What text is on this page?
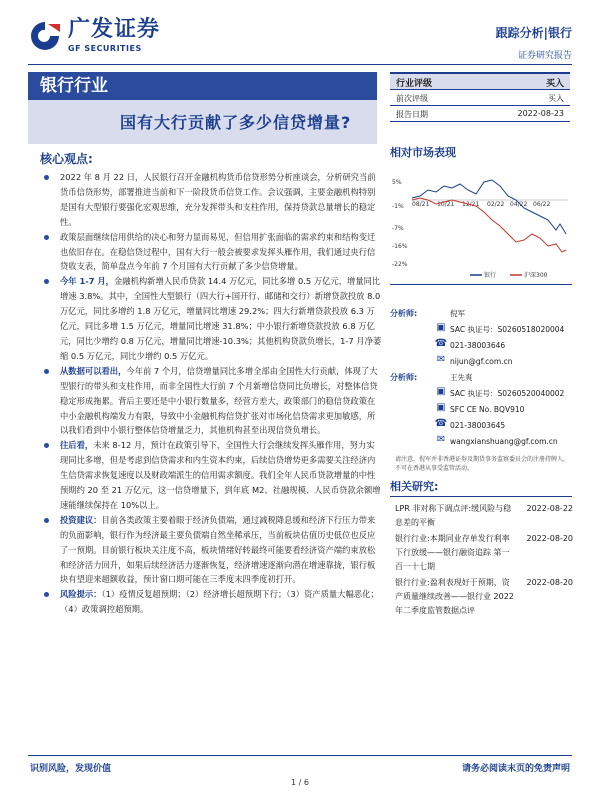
广发证券
GF SECURITIES
跟踪分析|银行
证券研究报告
银行行业
国有大行贡献了多少信贷增量?
行业评级	买入
前次评级	买入
报告日期	2022-08-23
核心观点:
2022 年 8 月 22 日，人民银行召开金融机构货币信贷形势分析座谈会，分析研究当前货币信贷形势，部署推进当前和下一阶段货币信贷工作。会议强调，主要金融机构特别是国有大型银行要强化宏观思维，充分发挥带头和支柱作用，保持贷款总量增长的稳定性。
政策层面继续信用供给的决心和努力显而易见，但信用扩张面临的需求约束和结构变迁也依旧存在。在稳信贷过程中，国有大行一般会被要求发挥头雁作用，我们通过央行信贷收支表，简单盘点今年前 7 个月国有大行贡献了多少信贷增量。
今年 1-7 月，金融机构新增人民币贷款 14.4 万亿元，同比多增 0.5 万亿元，增量同比增速 3.8%。其中，全国性大型银行（四大行+国开行、邮储和交行）新增贷款投放 8.0 万亿元，同比多增约 1.8 万亿元，增量同比增速 29.2%；四大行新增贷款投放 6.3 万亿元，同比多增 1.5 万亿元，增量同比增速 31.8%；中小银行新增贷款投放 6.8 万亿元，同比少增约 0.8 万亿元，增量同比增速-10.3%；其他机构贷款负增长，1-7 月净萎缩 0.5 万亿元，同比少增约 0.5 万亿元。
从数据可以看出，今年前 7 个月，信贷增量同比多增全部由全国性大行贡献，体现了大型银行的带头和支柱作用，而非全国性大行前 7 个月新增信贷同比负增长，对整体信贷稳定形成拖累。背后主要还是中小银行数量多，经营方差大，政策部门的稳信贷政策在中小金融机构端发力有限，导致中小金融机构信贷扩张对市场化信贷需求更加敏感，所以我们看到中小银行整体信贷增量乏力，其他机构甚至出现信贷负增长。
往后看，未来 8-12 月，预计在政策引导下，全国性大行会继续发挥头雁作用，努力实现同比多增，但是考虑到信贷需求和内生资本约束，后续信贷增势更多需要关注经济内生信贷需求恢复速度以及财政端派生的信用需求额度。我们全年人民币贷款增量的中性预期约 20 至 21 万亿元，这一信贷增量下，到年底 M2、社融规模、人民币贷款余额增速能继续保持在 10%以上。
投资建议：目前各类政策主要着眼于经济负债端，通过减税降息缓和经济下行压力带来的负面影响，银行作为经济最主要负债端自然坐稀承压，当前板块估值历史低位也反应了一预期。目前银行板块关注度不高，板块情绪好转最终可能要看经济资产端约束放松和经济活力回升，如果后续经济活力逐渐恢复，经济增速逐渐向潜在增速靠拢，银行板块有望迎来超额收益，预计窗口期可能在三季度末四季度初打开。
风险提示：（1）疫情反复超预期；（2）经济增长超预期下行；（3）资产质量大幅恶化；（4）政策调控超预期。
相对市场表现
5%
-1%
-7%
-16%
-22%
08/21 10/21 12/21 02/22 04/22 06/22
银行	沪深300
分析师:	倪军
▣ SAC 执证号：S0260518020004
☎ 021-38003646
✉ nijun@gf.com.cn
分析师:	王先爽
▣ SAC 执证号：S0260520040002
▣ SFC CE No. BQV910
☎ 021-38003645
✉ wangxianshuang@gf.com.cn
请注意，倪军并非香港证券及期货事务监察委员会的注册持牌人，不可在香港从事受监管活动。
相关研究:
LPR 非对称下调点评:缓风险与稳息差的平衡
2022-08-22
银行行业:本期同业存单发行利率下行放缓——银行融资追踪 第一百一十七期
2022-08-20
银行行业:盈利表现好于预期，资产质量继续改善——银行业 2022 年二季度监管数据点评
2022-08-20
识别风险，发现价值	请务必阅读末页的免责声明
1 / 6
